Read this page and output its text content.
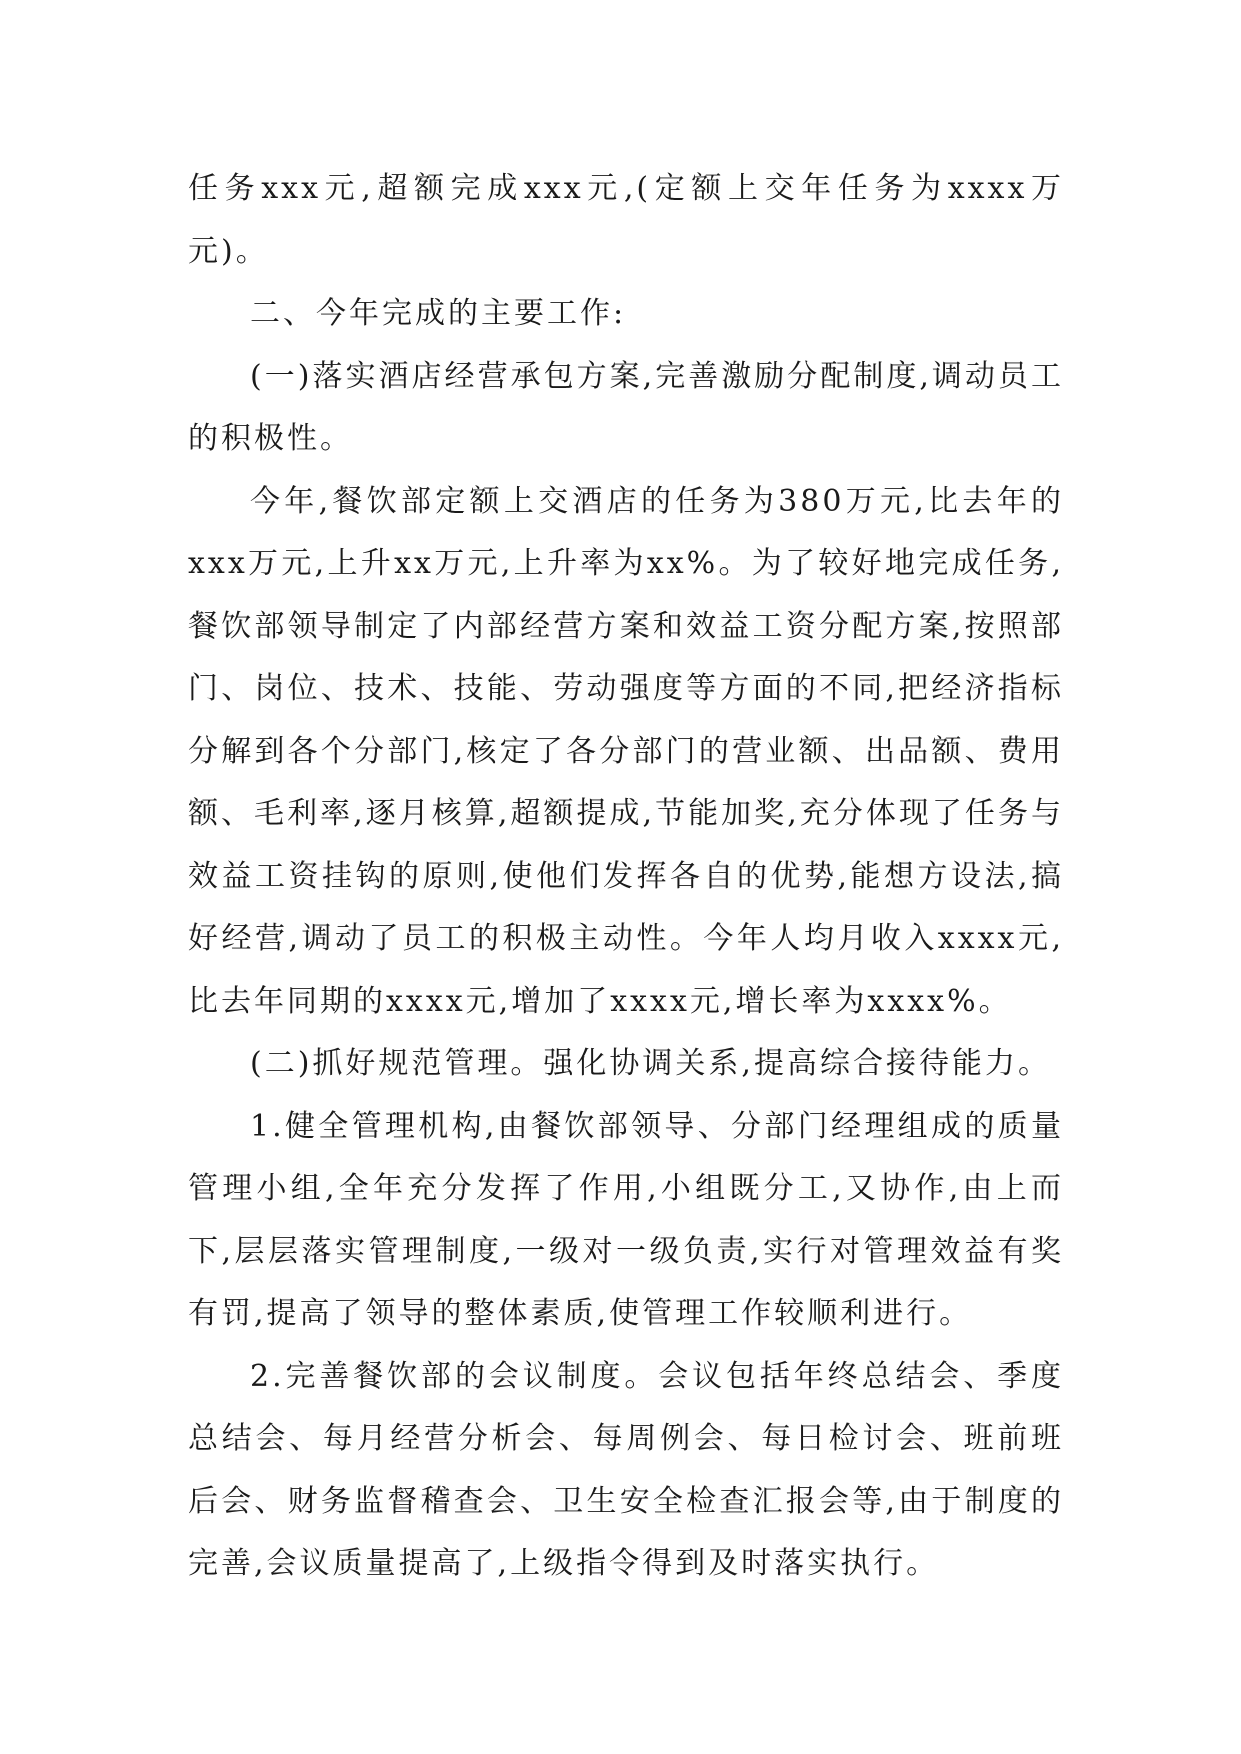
任务xxx元,超额完成xxx元,(定额上交年任务为xxxx万元)。

二、今年完成的主要工作:

(一)落实酒店经营承包方案,完善激励分配制度,调动员工的积极性。

今年,餐饮部定额上交酒店的任务为380万元,比去年的xxx万元,上升xx万元,上升率为xx%。为了较好地完成任务,餐饮部领导制定了内部经营方案和效益工资分配方案,按照部门、岗位、技术、技能、劳动强度等方面的不同,把经济指标分解到各个分部门,核定了各分部门的营业额、出品额、费用额、毛利率,逐月核算,超额提成,节能加奖,充分体现了任务与效益工资挂钩的原则,使他们发挥各自的优势,能想方设法,搞好经营,调动了员工的积极主动性。今年人均月收入xxxx元,比去年同期的xxxx元,增加了xxxx元,增长率为xxxx%。

(二)抓好规范管理。强化协调关系,提高综合接待能力。

1.健全管理机构,由餐饮部领导、分部门经理组成的质量管理小组,全年充分发挥了作用,小组既分工,又协作,由上而下,层层落实管理制度,一级对一级负责,实行对管理效益有奖有罚,提高了领导的整体素质,使管理工作较顺利进行。

2.完善餐饮部的会议制度。会议包括年终总结会、季度总结会、每月经营分析会、每周例会、每日检讨会、班前班后会、财务监督稽查会、卫生安全检查汇报会等,由于制度的完善,会议质量提高了,上级指令得到及时落实执行。
